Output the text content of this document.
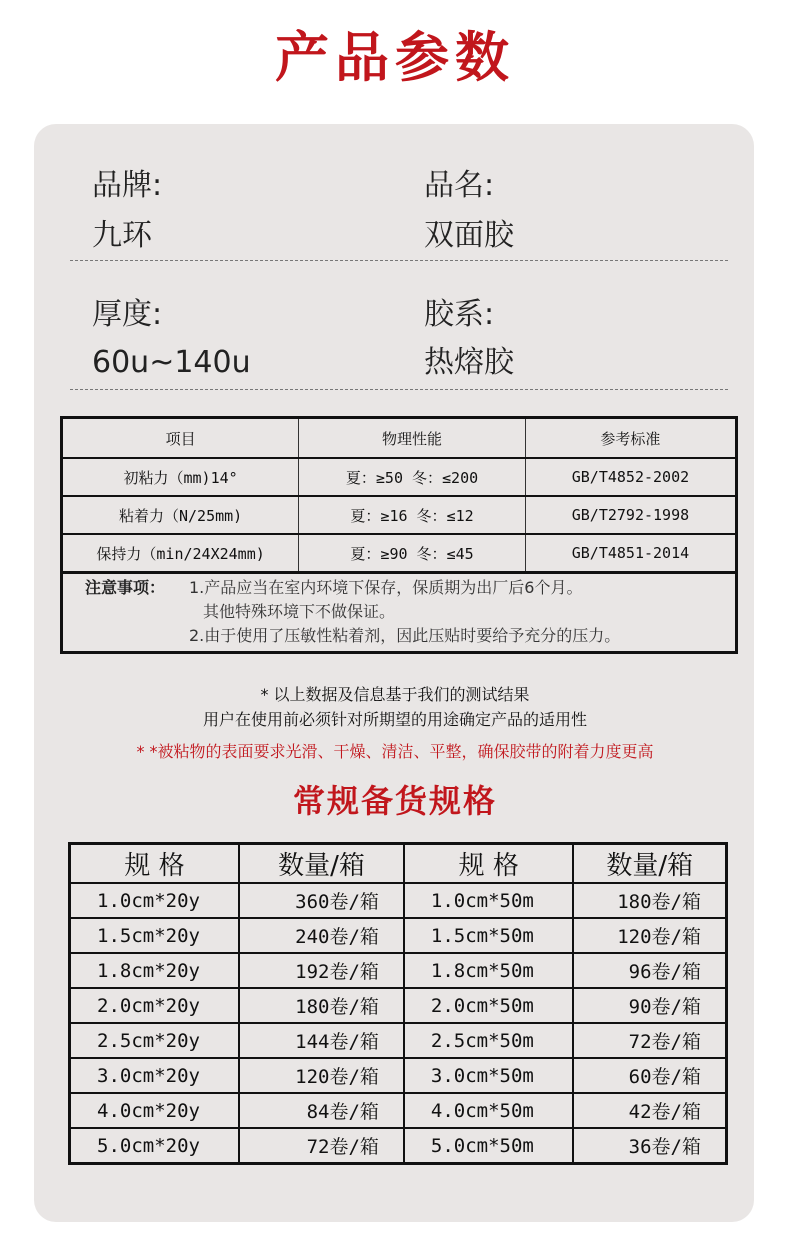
产品参数
品牌:
九环
品名:
双面胶
厚度:
60u~140u
胶系:
热熔胶
项目	物理性能	参考标准
初粘力（mm)14°	夏：≥50 冬：≤200	GB/T4852-2002
粘着力（N/25mm)	夏：≥16 冬：≤12	GB/T2792-1998
保持力（min/24X24mm)	夏：≥90 冬：≤45	GB/T4851-2014
注意事项： 1.产品应当在室内环境下保存，保质期为出厂后6个月。
其他特殊环境下不做保证。
2.由于使用了压敏性粘着剂，因此压贴时要给予充分的压力。
* 以上数据及信息基于我们的测试结果
用户在使用前必须针对所期望的用途确定产品的适用性
* *被粘物的表面要求光滑、干燥、清洁、平整，确保胶带的附着力度更高
常规备货规格
规 格	数量/箱	规 格	数量/箱
1.0cm*20y	360卷/箱	1.0cm*50m	180卷/箱
1.5cm*20y	240卷/箱	1.5cm*50m	120卷/箱
1.8cm*20y	192卷/箱	1.8cm*50m	96卷/箱
2.0cm*20y	180卷/箱	2.0cm*50m	90卷/箱
2.5cm*20y	144卷/箱	2.5cm*50m	72卷/箱
3.0cm*20y	120卷/箱	3.0cm*50m	60卷/箱
4.0cm*20y	84卷/箱	4.0cm*50m	42卷/箱
5.0cm*20y	72卷/箱	5.0cm*50m	36卷/箱
